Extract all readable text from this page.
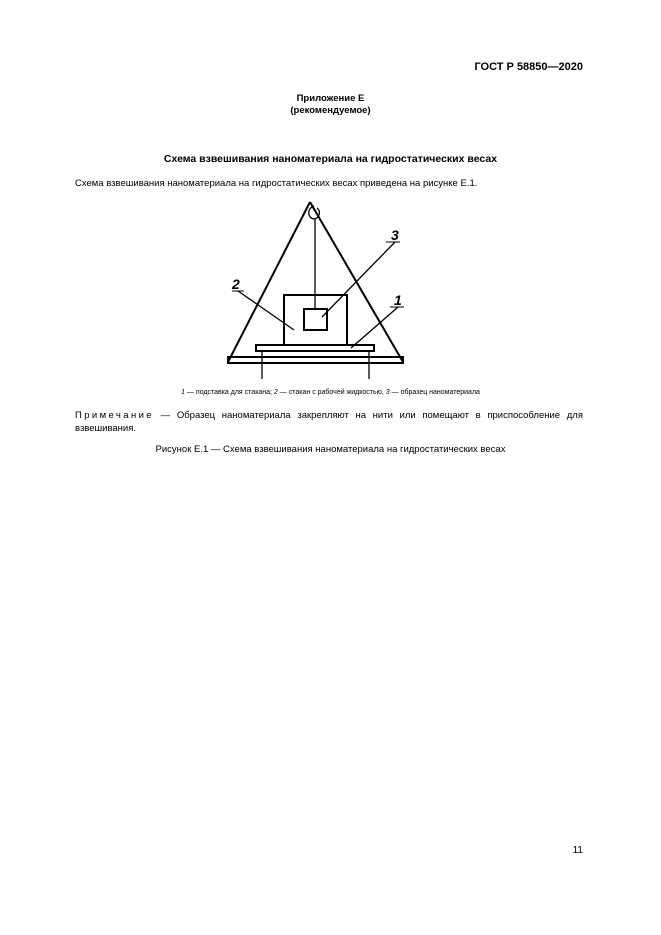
ГОСТ Р 58850—2020
Приложение Е
(рекомендуемое)
Схема взвешивания наноматериала на гидростатических весах
Схема взвешивания наноматериала на гидростатических весах приведена на рисунке Е.1.
3
1
2
1 — подставка для стакана; 2 — стакан с рабочей жидкостью, 3 — образец наноматериала
Примечание — Образец наноматериала закрепляют на нити или помещают в приспособление для взвешивания.
Рисунок Е.1 — Схема взвешивания наноматериала на гидростатических весах
11
